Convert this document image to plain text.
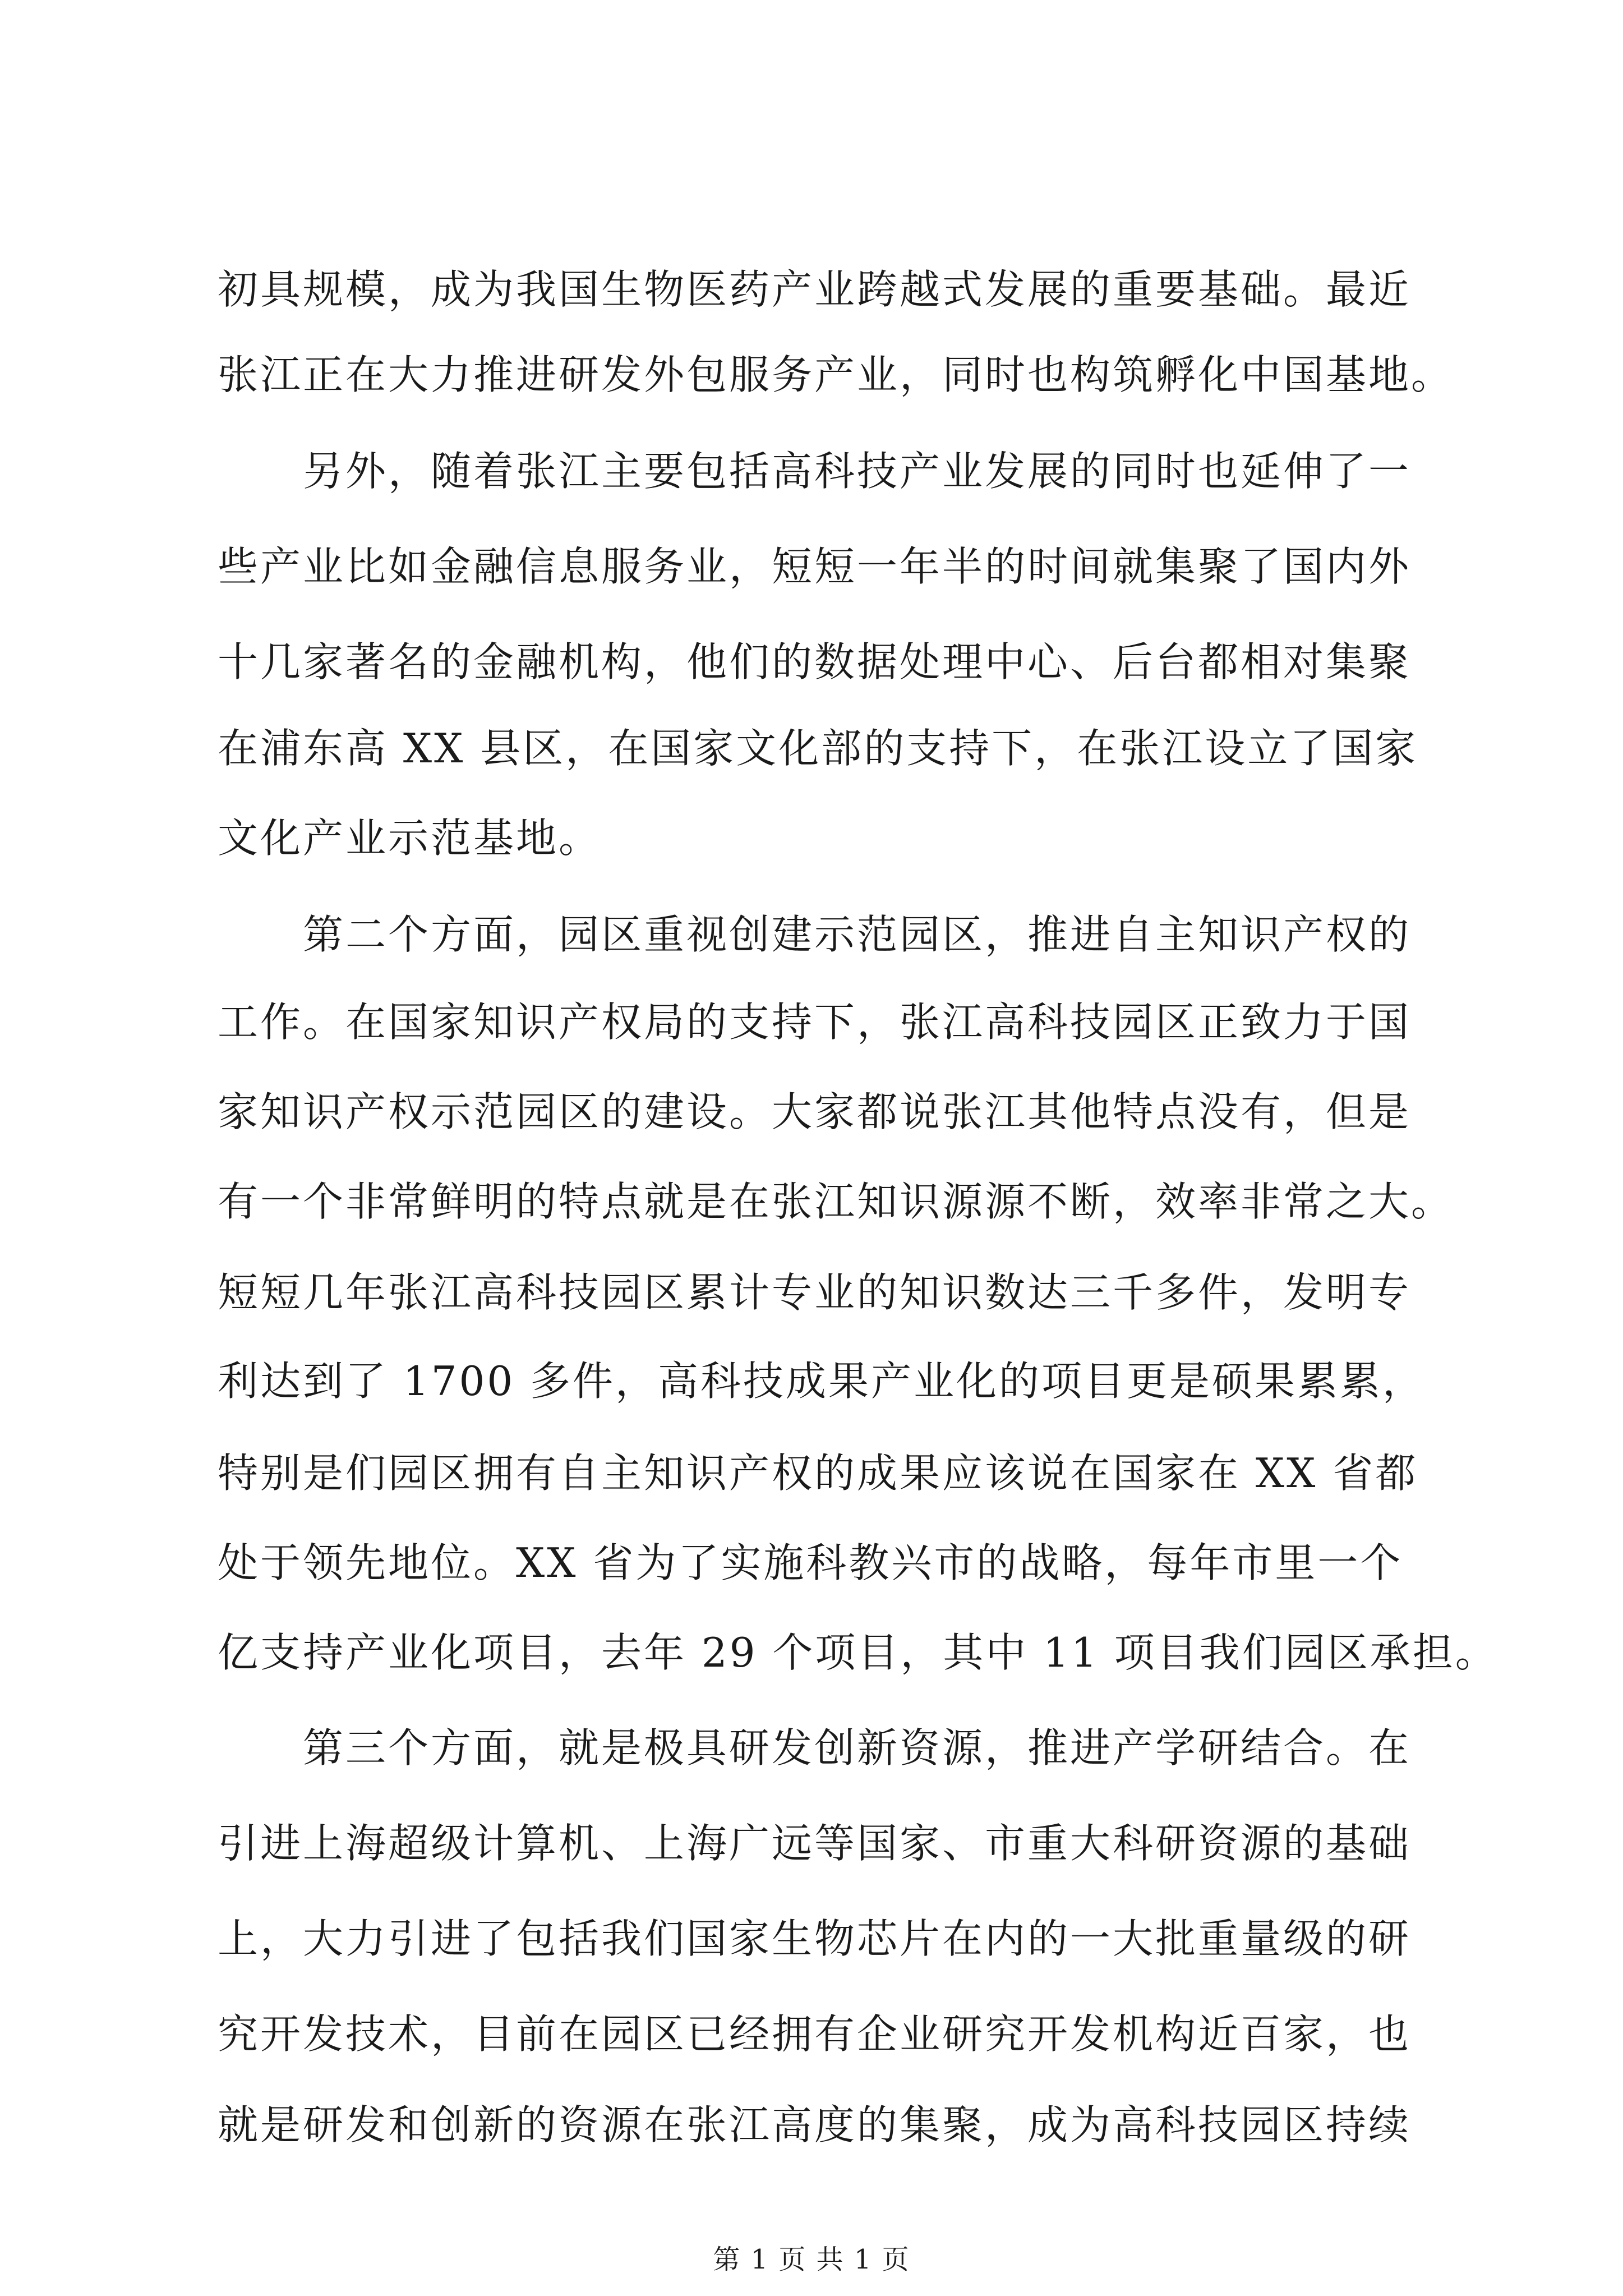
初具规模，成为我国生物医药产业跨越式发展的重要基础。最近
张江正在大力推进研发外包服务产业，同时也构筑孵化中国基地。
另外，随着张江主要包括高科技产业发展的同时也延伸了一
些产业比如金融信息服务业，短短一年半的时间就集聚了国内外
十几家著名的金融机构，他们的数据处理中心、后台都相对集聚
在浦东高 XX 县区，在国家文化部的支持下，在张江设立了国家
文化产业示范基地。
第二个方面，园区重视创建示范园区，推进自主知识产权的
工作。在国家知识产权局的支持下，张江高科技园区正致力于国
家知识产权示范园区的建设。大家都说张江其他特点没有，但是
有一个非常鲜明的特点就是在张江知识源源不断，效率非常之大。
短短几年张江高科技园区累计专业的知识数达三千多件，发明专
利达到了 1700 多件，高科技成果产业化的项目更是硕果累累，
特别是们园区拥有自主知识产权的成果应该说在国家在 XX 省都
处于领先地位。XX 省为了实施科教兴市的战略，每年市里一个
亿支持产业化项目，去年 29 个项目，其中 11 项目我们园区承担。
第三个方面，就是极具研发创新资源，推进产学研结合。在
引进上海超级计算机、上海广远等国家、市重大科研资源的基础
上，大力引进了包括我们国家生物芯片在内的一大批重量级的研
究开发技术，目前在园区已经拥有企业研究开发机构近百家，也
就是研发和创新的资源在张江高度的集聚，成为高科技园区持续
第 1 页 共 1 页
